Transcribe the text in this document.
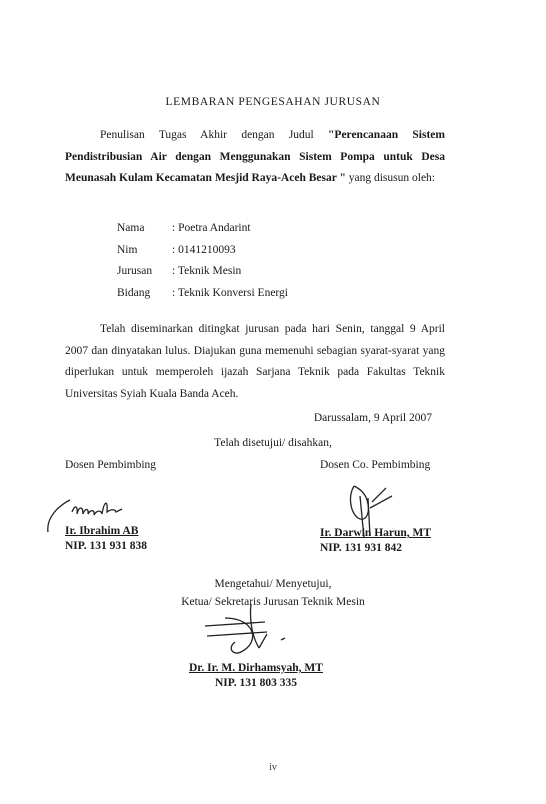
LEMBARAN PENGESAHAN JURUSAN
Penulisan Tugas Akhir dengan Judul "Perencanaan Sistem Pendistribusian Air dengan Menggunakan Sistem Pompa untuk Desa Meunasah Kulam Kecamatan Mesjid Raya-Aceh Besar " yang disusun oleh:
Nama	: Poetra Andarint
Nim	: 0141210093
Jurusan	: Teknik Mesin
Bidang	: Teknik Konversi Energi
Telah diseminarkan ditingkat jurusan pada hari Senin, tanggal 9 April 2007 dan dinyatakan lulus. Diajukan guna memenuhi sebagian syarat-syarat yang diperlukan untuk memperoleh ijazah Sarjana Teknik pada Fakultas Teknik Universitas Syiah Kuala Banda Aceh.
Darussalam, 9 April 2007
Telah disetujui/ disahkan,
Dosen Pembimbing	Dosen Co. Pembimbing
Ir. Ibrahim AB
NIP. 131 931 838
Ir. Darwin Harun, MT
NIP. 131 931 842
Mengetahui/ Menyetujui,
Ketua/ Sekretaris Jurusan Teknik Mesin
Dr. Ir. M. Dirhamsyah, MT
NIP. 131 803 335
iv
